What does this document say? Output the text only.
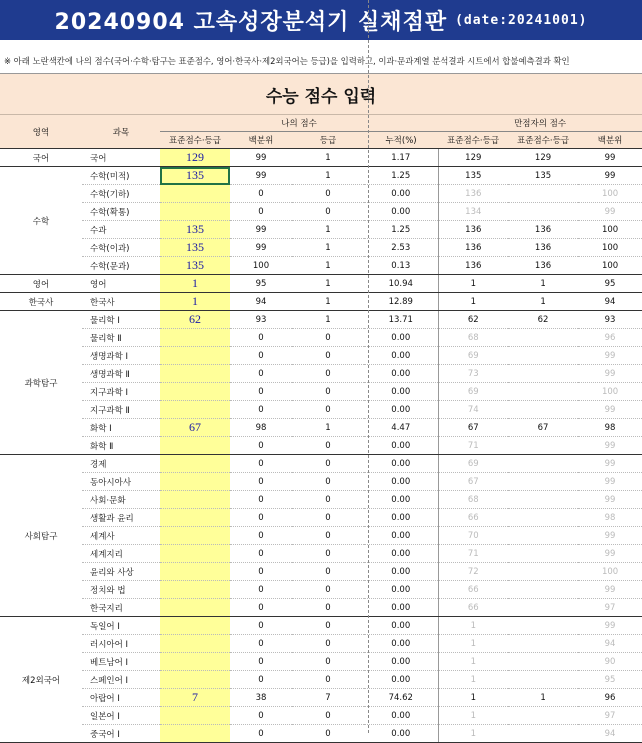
20240904 고속성장분석기 실채점판 (date:20241001)
※ 아래 노란색칸에 나의 점수(국어·수학·탐구는 표준점수, 영어·한국사·제2외국어는 등급)을 입력하고, 이과·문과계열 분석결과 시트에서 합불예측결과 확인
수능 점수 입력
영역	과목	나의 점수				만점자의 점수		
		표준점수·등급	백분위	등급	누적(%)	표준점수·등급	표준점수·등급	백분위
국어	국어	129	99	1	1.17	129	129	99
수학	수학(미적)	135	99	1	1.25	135	135	99
	수학(기하)		0	0	0.00	136		100
	수학(확통)		0	0	0.00	134		99
	수과	135	99	1	1.25	136	136	100
	수학(이과)	135	99	1	2.53	136	136	100
	수학(문과)	135	100	1	0.13	136	136	100
영어	영어	1	95	1	10.94	1	1	95
한국사	한국사	1	94	1	12.89	1	1	94
과학탐구	물리학 Ⅰ	62	93	1	13.71	62	62	93
	물리학 Ⅱ		0	0	0.00	68		96
	생명과학 Ⅰ		0	0	0.00	69		99
	생명과학 Ⅱ		0	0	0.00	73		99
	지구과학 Ⅰ		0	0	0.00	69		100
	지구과학 Ⅱ		0	0	0.00	74		99
	화학 Ⅰ	67	98	1	4.47	67	67	98
	화학 Ⅱ		0	0	0.00	71		99
사회탐구	경제		0	0	0.00	69		99
	동아시아사		0	0	0.00	67		99
	사회·문화		0	0	0.00	68		99
	생활과 윤리		0	0	0.00	66		98
	세계사		0	0	0.00	70		99
	세계지리		0	0	0.00	71		99
	윤리와 사상		0	0	0.00	72		100
	정치와 법		0	0	0.00	66		99
	한국지리		0	0	0.00	66		97
제2외국어	독일어 Ⅰ		0	0	0.00	1		99
	러시아어 Ⅰ		0	0	0.00	1		94
	베트남어 Ⅰ		0	0	0.00	1		90
	스페인어 Ⅰ		0	0	0.00	1		95
	아랍어 Ⅰ	7	38	7	74.62	1	1	96
	일본어 Ⅰ		0	0	0.00	1		97
	중국어 Ⅰ		0	0	0.00	1		94
